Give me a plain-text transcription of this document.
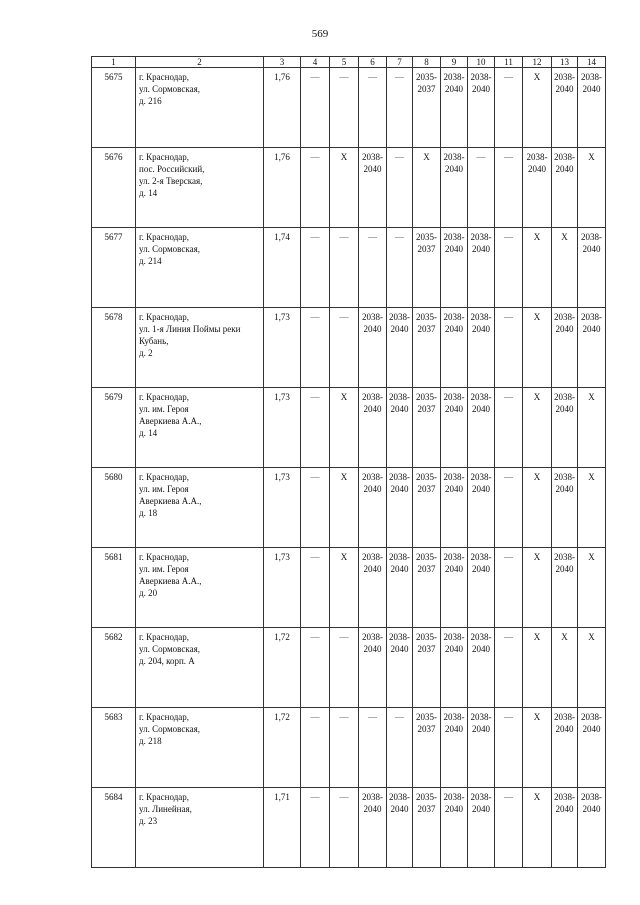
569
1	2	3	4	5	6	7	8	9	10	11	12	13	14
5675	г. Краснодар,
ул. Сормовская,
д. 216	1,76	—	—	—	—	2035-
2037	2038-
2040	2038-
2040	—	X	2038-
2040	2038-
2040
5676	г. Краснодар,
пос. Российский,
ул. 2-я Тверская,
д. 14	1,76	—	X	2038-
2040	—	X	2038-
2040	—	—	2038-
2040	2038-
2040	X
5677	г. Краснодар,
ул. Сормовская,
д. 214	1,74	—	—	—	—	2035-
2037	2038-
2040	2038-
2040	—	X	X	2038-
2040
5678	г. Краснодар,
ул. 1-я Линия Поймы реки
Кубань,
д. 2	1,73	—	—	2038-
2040	2038-
2040	2035-
2037	2038-
2040	2038-
2040	—	X	2038-
2040	2038-
2040
5679	г. Краснодар,
ул. им. Героя
Аверкиева А.А.,
д. 14	1,73	—	X	2038-
2040	2038-
2040	2035-
2037	2038-
2040	2038-
2040	—	X	2038-
2040	X
5680	г. Краснодар,
ул. им. Героя
Аверкиева А.А.,
д. 18	1,73	—	X	2038-
2040	2038-
2040	2035-
2037	2038-
2040	2038-
2040	—	X	2038-
2040	X
5681	г. Краснодар,
ул. им. Героя
Аверкиева А.А.,
д. 20	1,73	—	X	2038-
2040	2038-
2040	2035-
2037	2038-
2040	2038-
2040	—	X	2038-
2040	X
5682	г. Краснодар,
ул. Сормовская,
д. 204, корп. А	1,72	—	—	2038-
2040	2038-
2040	2035-
2037	2038-
2040	2038-
2040	—	X	X	X
5683	г. Краснодар,
ул. Сормовская,
д. 218	1,72	—	—	—	—	2035-
2037	2038-
2040	2038-
2040	—	X	2038-
2040	2038-
2040
5684	г. Краснодар,
ул. Линейная,
д. 23	1,71	—	—	2038-
2040	2038-
2040	2035-
2037	2038-
2040	2038-
2040	—	X	2038-
2040	2038-
2040
